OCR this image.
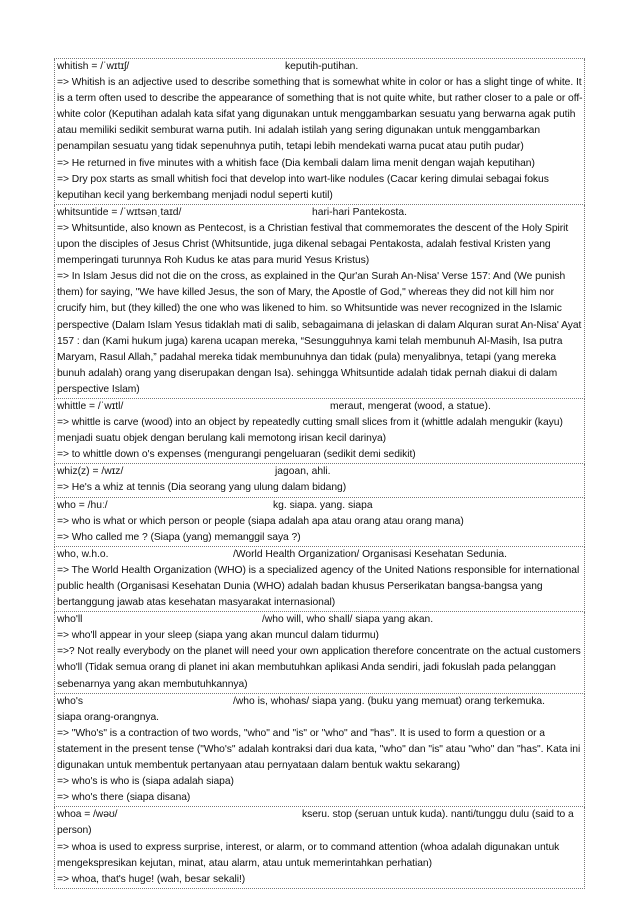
whitish = /ˈwɪtɪʃ/	keputih-putihan.
=> Whitish is an adjective used to describe something that is somewhat white in color or has a slight tinge of white. It is a term often used to describe the appearance of something that is not quite white, but rather closer to a pale or off-white color (Keputihan adalah kata sifat yang digunakan untuk menggambarkan sesuatu yang berwarna agak putih atau memiliki sedikit semburat warna putih. Ini adalah istilah yang sering digunakan untuk menggambarkan penampilan sesuatu yang tidak sepenuhnya putih, tetapi lebih mendekati warna pucat atau putih pudar)
=> He returned in five minutes with a whitish face (Dia kembali dalam lima menit dengan wajah keputihan)
=> Dry pox starts as small whitish foci that develop into wart-like nodules (Cacar kering dimulai sebagai fokus keputihan kecil yang berkembang menjadi nodul seperti kutil)
whitsuntide = /ˈwɪtsənˌtaɪd/	hari-hari Pantekosta.
=> Whitsuntide, also known as Pentecost, is a Christian festival that commemorates the descent of the Holy Spirit upon the disciples of Jesus Christ (Whitsuntide, juga dikenal sebagai Pentakosta, adalah festival Kristen yang memperingati turunnya Roh Kudus ke atas para murid Yesus Kristus)
=> In Islam Jesus did not die on the cross, as explained in the Qur'an Surah An-Nisa' Verse 157: And (We punish them) for saying, "We have killed Jesus, the son of Mary, the Apostle of God," whereas they did not kill him nor crucify him, but (they killed) the one who was likened to him. so Whitsuntide was never recognized in the Islamic perspective (Dalam Islam Yesus tidaklah mati di salib, sebagaimana di jelaskan di dalam Alquran surat An-Nisa' Ayat 157 : dan (Kami hukum juga) karena ucapan mereka, “Sesungguhnya kami telah membunuh Al-Masih, Isa putra Maryam, Rasul Allah,” padahal mereka tidak membunuhnya dan tidak (pula) menyalibnya, tetapi (yang mereka bunuh adalah) orang yang diserupakan dengan Isa). sehingga Whitsuntide adalah tidak pernah diakui di dalam perspective Islam)
whittle = /ˈwɪtl/	meraut, mengerat (wood, a statue).
=> whittle is carve (wood) into an object by repeatedly cutting small slices from it (whittle adalah mengukir (kayu) menjadi suatu objek dengan berulang kali memotong irisan kecil darinya)
=> to whittle down o's expenses (mengurangi pengeluaran (sedikit demi sedikit)
whiz(z) = /wɪz/	jagoan, ahli.
=> He's a whiz at tennis (Dia seorang yang ulung dalam bidang)
who = /huː/	kg. siapa. yang. siapa
=> who is what or which person or people (siapa adalah apa atau orang atau orang mana)
=> Who called me ? (Siapa (yang) memanggil saya ?)
who, w.h.o.	/World Health Organization/ Organisasi Kesehatan Sedunia.
=> The World Health Organization (WHO) is a specialized agency of the United Nations responsible for international public health (Organisasi Kesehatan Dunia (WHO) adalah badan khusus Perserikatan bangsa-bangsa yang bertanggung jawab atas kesehatan masyarakat internasional)
who'll	/who will, who shall/ siapa yang akan.
=> who'll appear in your sleep (siapa yang akan muncul dalam tidurmu)
=>? Not really everybody on the planet will need your own application therefore concentrate on the actual customers who'll (Tidak semua orang di planet ini akan membutuhkan aplikasi Anda sendiri, jadi fokuslah pada pelanggan sebenarnya yang akan membutuhkannya)
who's	/who is, whohas/ siapa yang. (buku yang memuat) orang terkemuka.
siapa orang-orangnya.
=> "Who's" is a contraction of two words, "who" and "is" or "who" and "has". It is used to form a question or a statement in the present tense ("Who's" adalah kontraksi dari dua kata, "who" dan "is" atau "who" dan "has". Kata ini digunakan untuk membentuk pertanyaan atau pernyataan dalam bentuk waktu sekarang)
=> who's is who is (siapa adalah siapa)
=> who's there (siapa disana)
whoa = /wəʊ/	kseru. stop (seruan untuk kuda). nanti/tunggu dulu (said to a person)
=> whoa is used to express surprise, interest, or alarm, or to command attention (whoa adalah digunakan untuk mengekspresikan kejutan, minat, atau alarm, atau untuk memerintahkan perhatian)
=> whoa, that's huge! (wah, besar sekali!)
